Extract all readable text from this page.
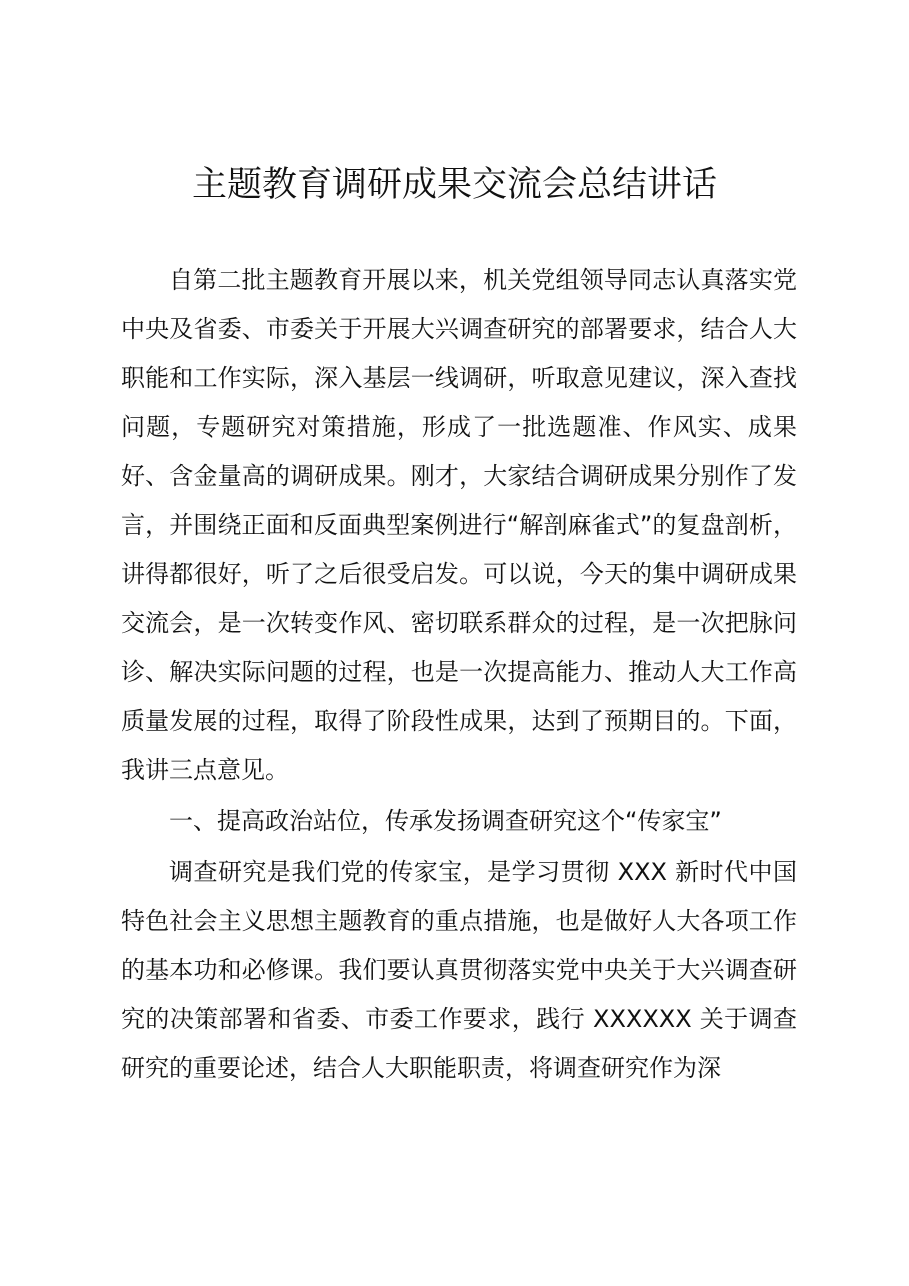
主题教育调研成果交流会总结讲话

自第二批主题教育开展以来，机关党组领导同志认真落实党中央及省委、市委关于开展大兴调查研究的部署要求，结合人大职能和工作实际，深入基层一线调研，听取意见建议，深入查找问题，专题研究对策措施，形成了一批选题准、作风实、成果好、含金量高的调研成果。刚才，大家结合调研成果分别作了发言，并围绕正面和反面典型案例进行“解剖麻雀式”的复盘剖析，讲得都很好，听了之后很受启发。可以说，今天的集中调研成果交流会，是一次转变作风、密切联系群众的过程，是一次把脉问诊、解决实际问题的过程，也是一次提高能力、推动人大工作高质量发展的过程，取得了阶段性成果，达到了预期目的。下面，我讲三点意见。

一、提高政治站位，传承发扬调查研究这个“传家宝”

调查研究是我们党的传家宝，是学习贯彻 XXX 新时代中国特色社会主义思想主题教育的重点措施，也是做好人大各项工作的基本功和必修课。我们要认真贯彻落实党中央关于大兴调查研究的决策部署和省委、市委工作要求，践行 XXXXXX 关于调查研究的重要论述，结合人大职能职责，将调查研究作为深
